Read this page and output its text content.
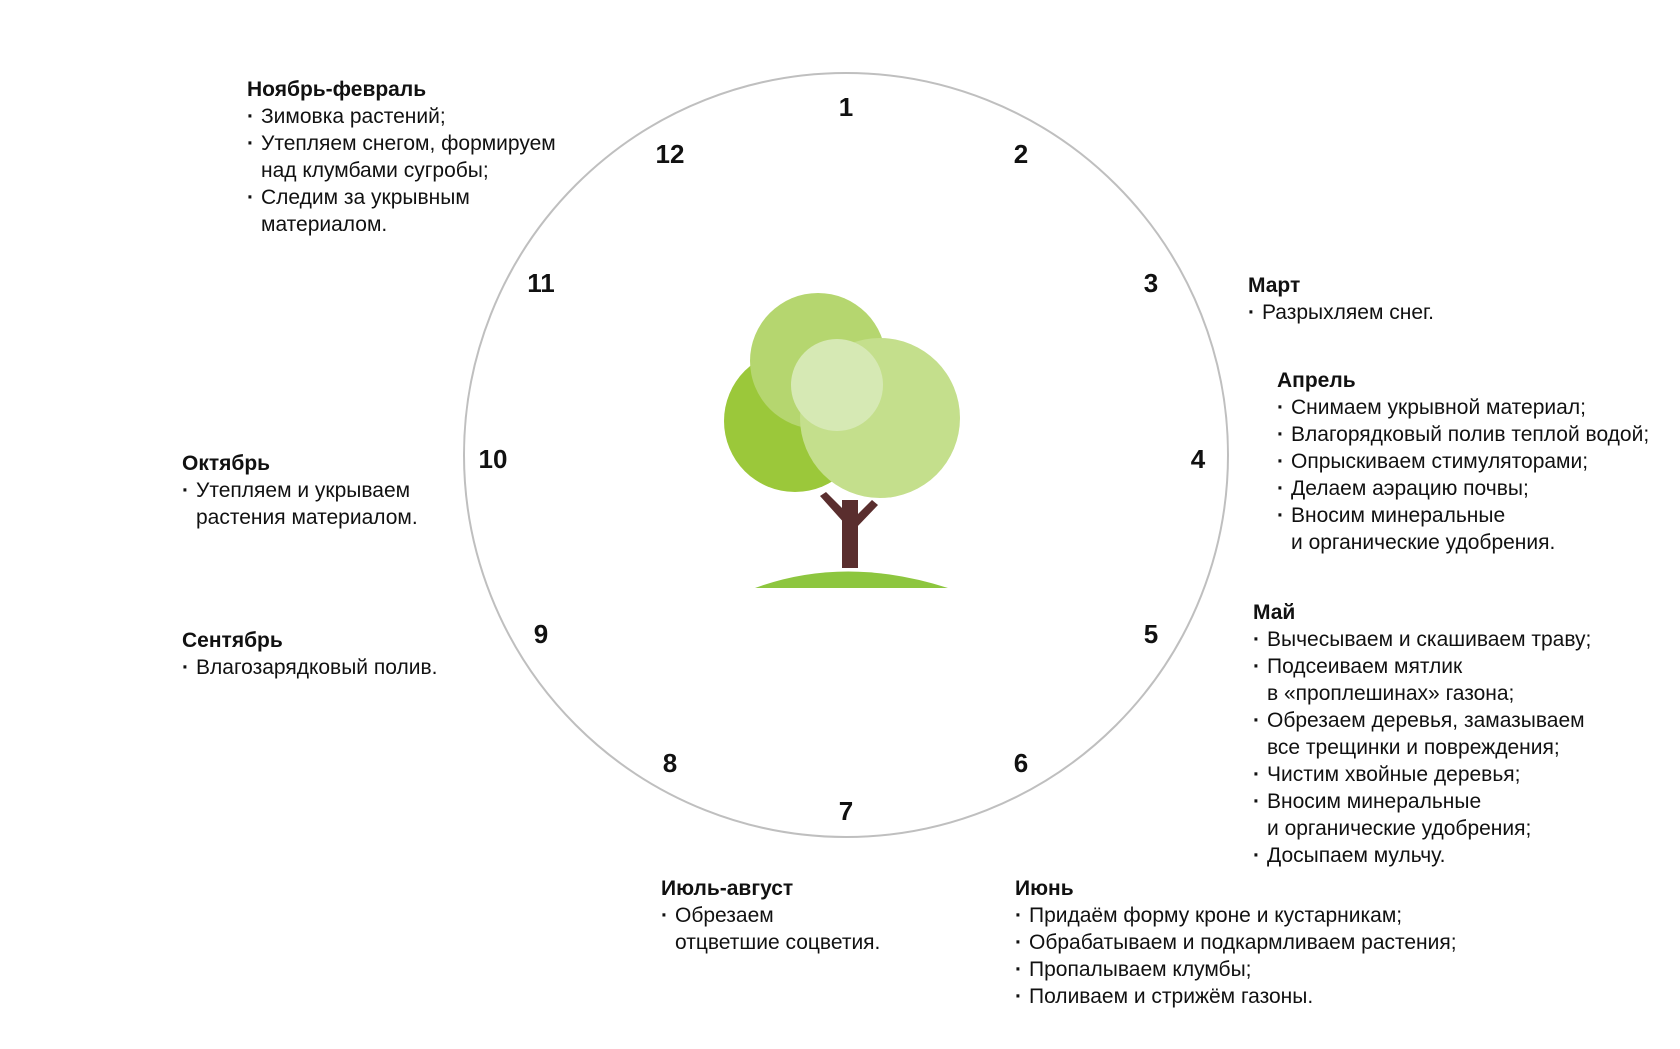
1
2
3
4
5
6
7
8
9
10
11
12
Ноябрь-февраль
· Зимовка растений;
· Утепляем снегом, формируем
над клумбами сугробы;
· Следим за укрывным
материалом.
Март
· Разрыхляем снег.
Апрель
· Снимаем укрывной материал;
· Влагорядковый полив теплой водой;
· Опрыскиваем стимуляторами;
· Делаем аэрацию почвы;
· Вносим минеральные
и органические удобрения.
Май
· Вычесываем и скашиваем траву;
· Подсеиваем мятлик
в «проплешинах» газона;
· Обрезаем деревья, замазываем
все трещинки и повреждения;
· Чистим хвойные деревья;
· Вносим минеральные
и органические удобрения;
· Досыпаем мульчу.
Июнь
· Придаём форму кроне и кустарникам;
· Обрабатываем и подкармливаем растения;
· Пропалываем клумбы;
· Поливаем и стрижём газоны.
Июль-август
· Обрезаем
отцветшие соцветия.
Сентябрь
· Влагозарядковый полив.
Октябрь
· Утепляем и укрываем
растения материалом.
